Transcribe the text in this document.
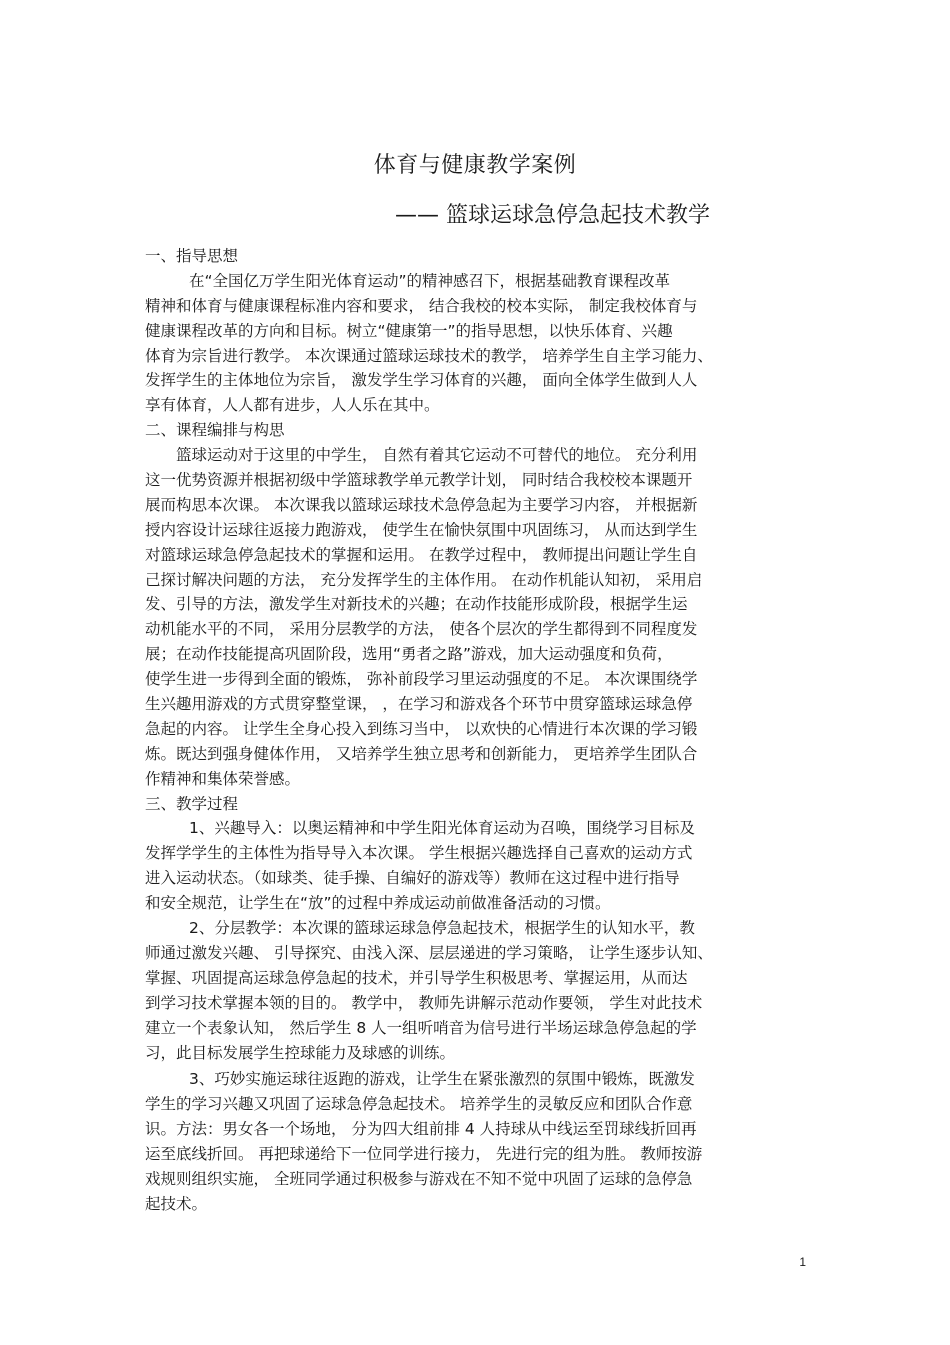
体育与健康教学案例
—— 篮球运球急停急起技术教学

一、指导思想

在“全国亿万学生阳光体育运动”的精神感召下，根据基础教育课程改革

精神和体育与健康课程标准内容和要求， 结合我校的校本实际， 制定我校体育与

健康课程改革的方向和目标。树立“健康第一”的指导思想，以快乐体育、兴趣

体育为宗旨进行教学。 本次课通过篮球运球技术的教学， 培养学生自主学习能力、

发挥学生的主体地位为宗旨， 激发学生学习体育的兴趣， 面向全体学生做到人人

享有体育，人人都有进步，人人乐在其中。

二、课程编排与构思

篮球运动对于这里的中学生， 自然有着其它运动不可替代的地位。 充分利用

这一优势资源并根据初级中学篮球教学单元教学计划， 同时结合我校校本课题开

展而构思本次课。 本次课我以篮球运球技术急停急起为主要学习内容， 并根据新

授内容设计运球往返接力跑游戏， 使学生在愉快氛围中巩固练习， 从而达到学生

对篮球运球急停急起技术的掌握和运用。 在教学过程中， 教师提出问题让学生自

己探讨解决问题的方法， 充分发挥学生的主体作用。 在动作机能认知初， 采用启

发、引导的方法，激发学生对新技术的兴趣；在动作技能形成阶段，根据学生运

动机能水平的不同， 采用分层教学的方法， 使各个层次的学生都得到不同程度发

展；在动作技能提高巩固阶段，选用“勇者之路”游戏，加大运动强度和负荷，

使学生进一步得到全面的锻炼， 弥补前段学习里运动强度的不足。 本次课围绕学

生兴趣用游戏的方式贯穿整堂课， ，在学习和游戏各个环节中贯穿篮球运球急停

急起的内容。 让学生全身心投入到练习当中， 以欢快的心情进行本次课的学习锻

炼。既达到强身健体作用， 又培养学生独立思考和创新能力， 更培养学生团队合

作精神和集体荣誉感。

三、教学过程

1、兴趣导入：以奥运精神和中学生阳光体育运动为召唤，围绕学习目标及

发挥学学生的主体性为指导导入本次课。 学生根据兴趣选择自己喜欢的运动方式

进入运动状态。（如球类、徒手操、自编好的游戏等）教师在这过程中进行指导

和安全规范，让学生在“放”的过程中养成运动前做准备活动的习惯。

2、分层教学：本次课的篮球运球急停急起技术，根据学生的认知水平，教

师通过激发兴趣、 引导探究、由浅入深、层层递进的学习策略， 让学生逐步认知、

掌握、巩固提高运球急停急起的技术，并引导学生积极思考、掌握运用，从而达

到学习技术掌握本领的目的。 教学中， 教师先讲解示范动作要领， 学生对此技术

建立一个表象认知， 然后学生 8 人一组听哨音为信号进行半场运球急停急起的学

习，此目标发展学生控球能力及球感的训练。

3、巧妙实施运球往返跑的游戏，让学生在紧张激烈的氛围中锻炼，既激发

学生的学习兴趣又巩固了运球急停急起技术。 培养学生的灵敏反应和团队合作意

识。方法：男女各一个场地， 分为四大组前排 4 人持球从中线运至罚球线折回再

运至底线折回。 再把球递给下一位同学进行接力， 先进行完的组为胜。 教师按游

戏规则组织实施， 全班同学通过积极参与游戏在不知不觉中巩固了运球的急停急

起技术。

1
